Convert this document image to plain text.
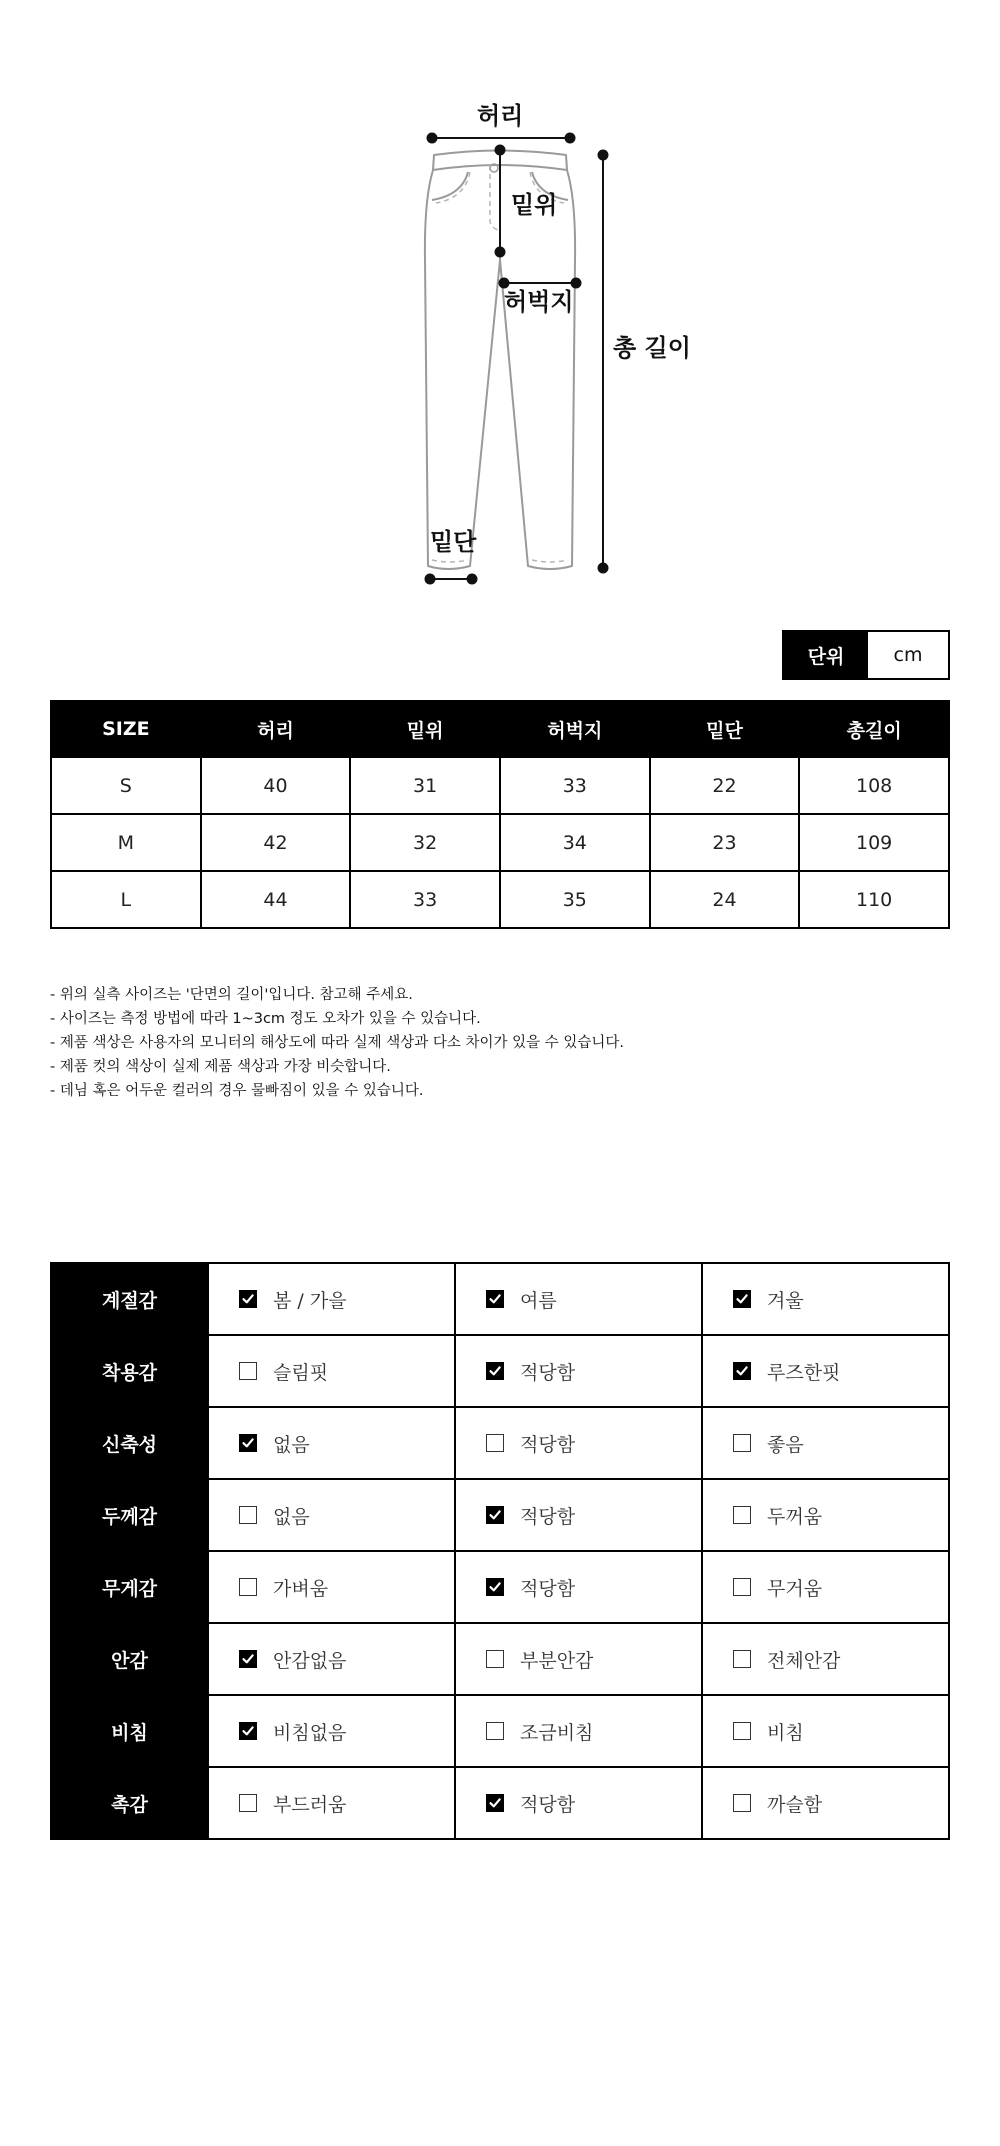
허리
밑위
허벅지
총 길이
밑단
단위	cm
SIZE	허리	밑위	허벅지	밑단	총길이
S	40	31	33	22	108
M	42	32	34	23	109
L	44	33	35	24	110
- 위의 실측 사이즈는 '단면의 길이'입니다. 참고해 주세요.
- 사이즈는 측정 방법에 따라 1~3cm 정도 오차가 있을 수 있습니다.
- 제품 색상은 사용자의 모니터의 해상도에 따라 실제 색상과 다소 차이가 있을 수 있습니다.
- 제품 컷의 색상이 실제 제품 색상과 가장 비슷합니다.
- 데님 혹은 어두운 컬러의 경우 물빠짐이 있을 수 있습니다.
계절감	봄 / 가을	여름	겨울

착용감	슬림핏	적당함	루즈한핏

신축성	없음	적당함	좋음

두께감	없음	적당함	두꺼움

무게감	가벼움	적당함	무거움

안감	안감없음	부분안감	전체안감

비침	비침없음	조금비침	비침

촉감	부드러움	적당함	까슬함
